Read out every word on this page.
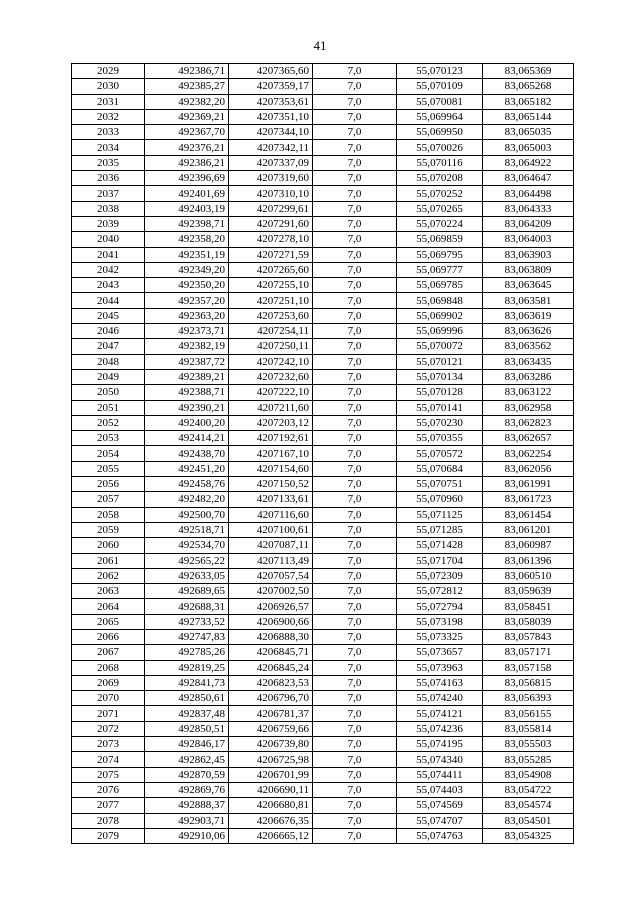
41
2029	492386,71	4207365,60	7,0	55,070123	83,065369
2030	492385,27	4207359,17	7,0	55,070109	83,065268
2031	492382,20	4207353,61	7,0	55,070081	83,065182
2032	492369,21	4207351,10	7,0	55,069964	83,065144
2033	492367,70	4207344,10	7,0	55,069950	83,065035
2034	492376,21	4207342,11	7,0	55,070026	83,065003
2035	492386,21	4207337,09	7,0	55,070116	83,064922
2036	492396,69	4207319,60	7,0	55,070208	83,064647
2037	492401,69	4207310,10	7,0	55,070252	83,064498
2038	492403,19	4207299,61	7,0	55,070265	83,064333
2039	492398,71	4207291,60	7,0	55,070224	83,064209
2040	492358,20	4207278,10	7,0	55,069859	83,064003
2041	492351,19	4207271,59	7,0	55,069795	83,063903
2042	492349,20	4207265,60	7,0	55,069777	83,063809
2043	492350,20	4207255,10	7,0	55,069785	83,063645
2044	492357,20	4207251,10	7,0	55,069848	83,063581
2045	492363,20	4207253,60	7,0	55,069902	83,063619
2046	492373,71	4207254,11	7,0	55,069996	83,063626
2047	492382,19	4207250,11	7,0	55,070072	83,063562
2048	492387,72	4207242,10	7,0	55,070121	83,063435
2049	492389,21	4207232,60	7,0	55,070134	83,063286
2050	492388,71	4207222,10	7,0	55,070128	83,063122
2051	492390,21	4207211,60	7,0	55,070141	83,062958
2052	492400,20	4207203,12	7,0	55,070230	83,062823
2053	492414,21	4207192,61	7,0	55,070355	83,062657
2054	492438,70	4207167,10	7,0	55,070572	83,062254
2055	492451,20	4207154,60	7,0	55,070684	83,062056
2056	492458,76	4207150,52	7,0	55,070751	83,061991
2057	492482,20	4207133,61	7,0	55,070960	83,061723
2058	492500,70	4207116,60	7,0	55,071125	83,061454
2059	492518,71	4207100,61	7,0	55,071285	83,061201
2060	492534,70	4207087,11	7,0	55,071428	83,060987
2061	492565,22	4207113,49	7,0	55,071704	83,061396
2062	492633,05	4207057,54	7,0	55,072309	83,060510
2063	492689,65	4207002,50	7,0	55,072812	83,059639
2064	492688,31	4206926,57	7,0	55,072794	83,058451
2065	492733,52	4206900,66	7,0	55,073198	83,058039
2066	492747,83	4206888,30	7,0	55,073325	83,057843
2067	492785,26	4206845,71	7,0	55,073657	83,057171
2068	492819,25	4206845,24	7,0	55,073963	83,057158
2069	492841,73	4206823,53	7,0	55,074163	83,056815
2070	492850,61	4206796,70	7,0	55,074240	83,056393
2071	492837,48	4206781,37	7,0	55,074121	83,056155
2072	492850,51	4206759,66	7,0	55,074236	83,055814
2073	492846,17	4206739,80	7,0	55,074195	83,055503
2074	492862,45	4206725,98	7,0	55,074340	83,055285
2075	492870,59	4206701,99	7,0	55,074411	83,054908
2076	492869,76	4206690,11	7,0	55,074403	83,054722
2077	492888,37	4206680,81	7,0	55,074569	83,054574
2078	492903,71	4206676,35	7,0	55,074707	83,054501
2079	492910,06	4206665,12	7,0	55,074763	83,054325
